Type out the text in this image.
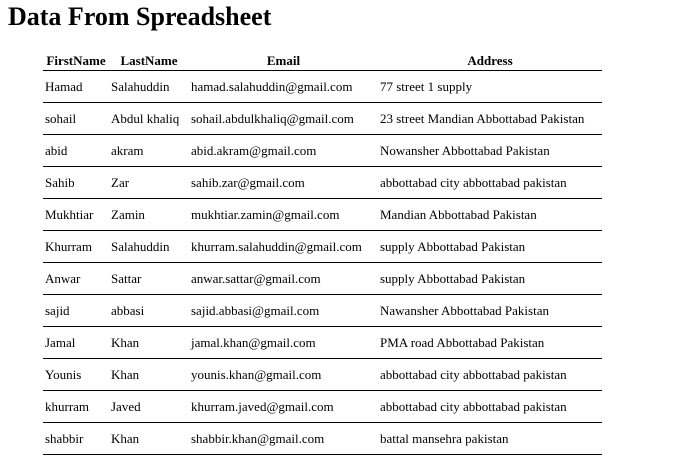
Data From Spreadsheet
FirstName	LastName	Email	Address
Hamad	Salahuddin	hamad.salahuddin@gmail.com	77 street 1 supply
sohail	Abdul khaliq	sohail.abdulkhaliq@gmail.com	23 street Mandian Abbottabad Pakistan
abid	akram	abid.akram@gmail.com	Nowansher Abbottabad Pakistan
Sahib	Zar	sahib.zar@gmail.com	abbottabad city abbottabad pakistan
Mukhtiar	Zamin	mukhtiar.zamin@gmail.com	Mandian Abbottabad Pakistan
Khurram	Salahuddin	khurram.salahuddin@gmail.com	supply Abbottabad Pakistan
Anwar	Sattar	anwar.sattar@gmail.com	supply Abbottabad Pakistan
sajid	abbasi	sajid.abbasi@gmail.com	Nawansher Abbottabad Pakistan
Jamal	Khan	jamal.khan@gmail.com	PMA road Abbottabad Pakistan
Younis	Khan	younis.khan@gmail.com	abbottabad city abbottabad pakistan
khurram	Javed	khurram.javed@gmail.com	abbottabad city abbottabad pakistan
shabbir	Khan	shabbir.khan@gmail.com	battal mansehra pakistan
